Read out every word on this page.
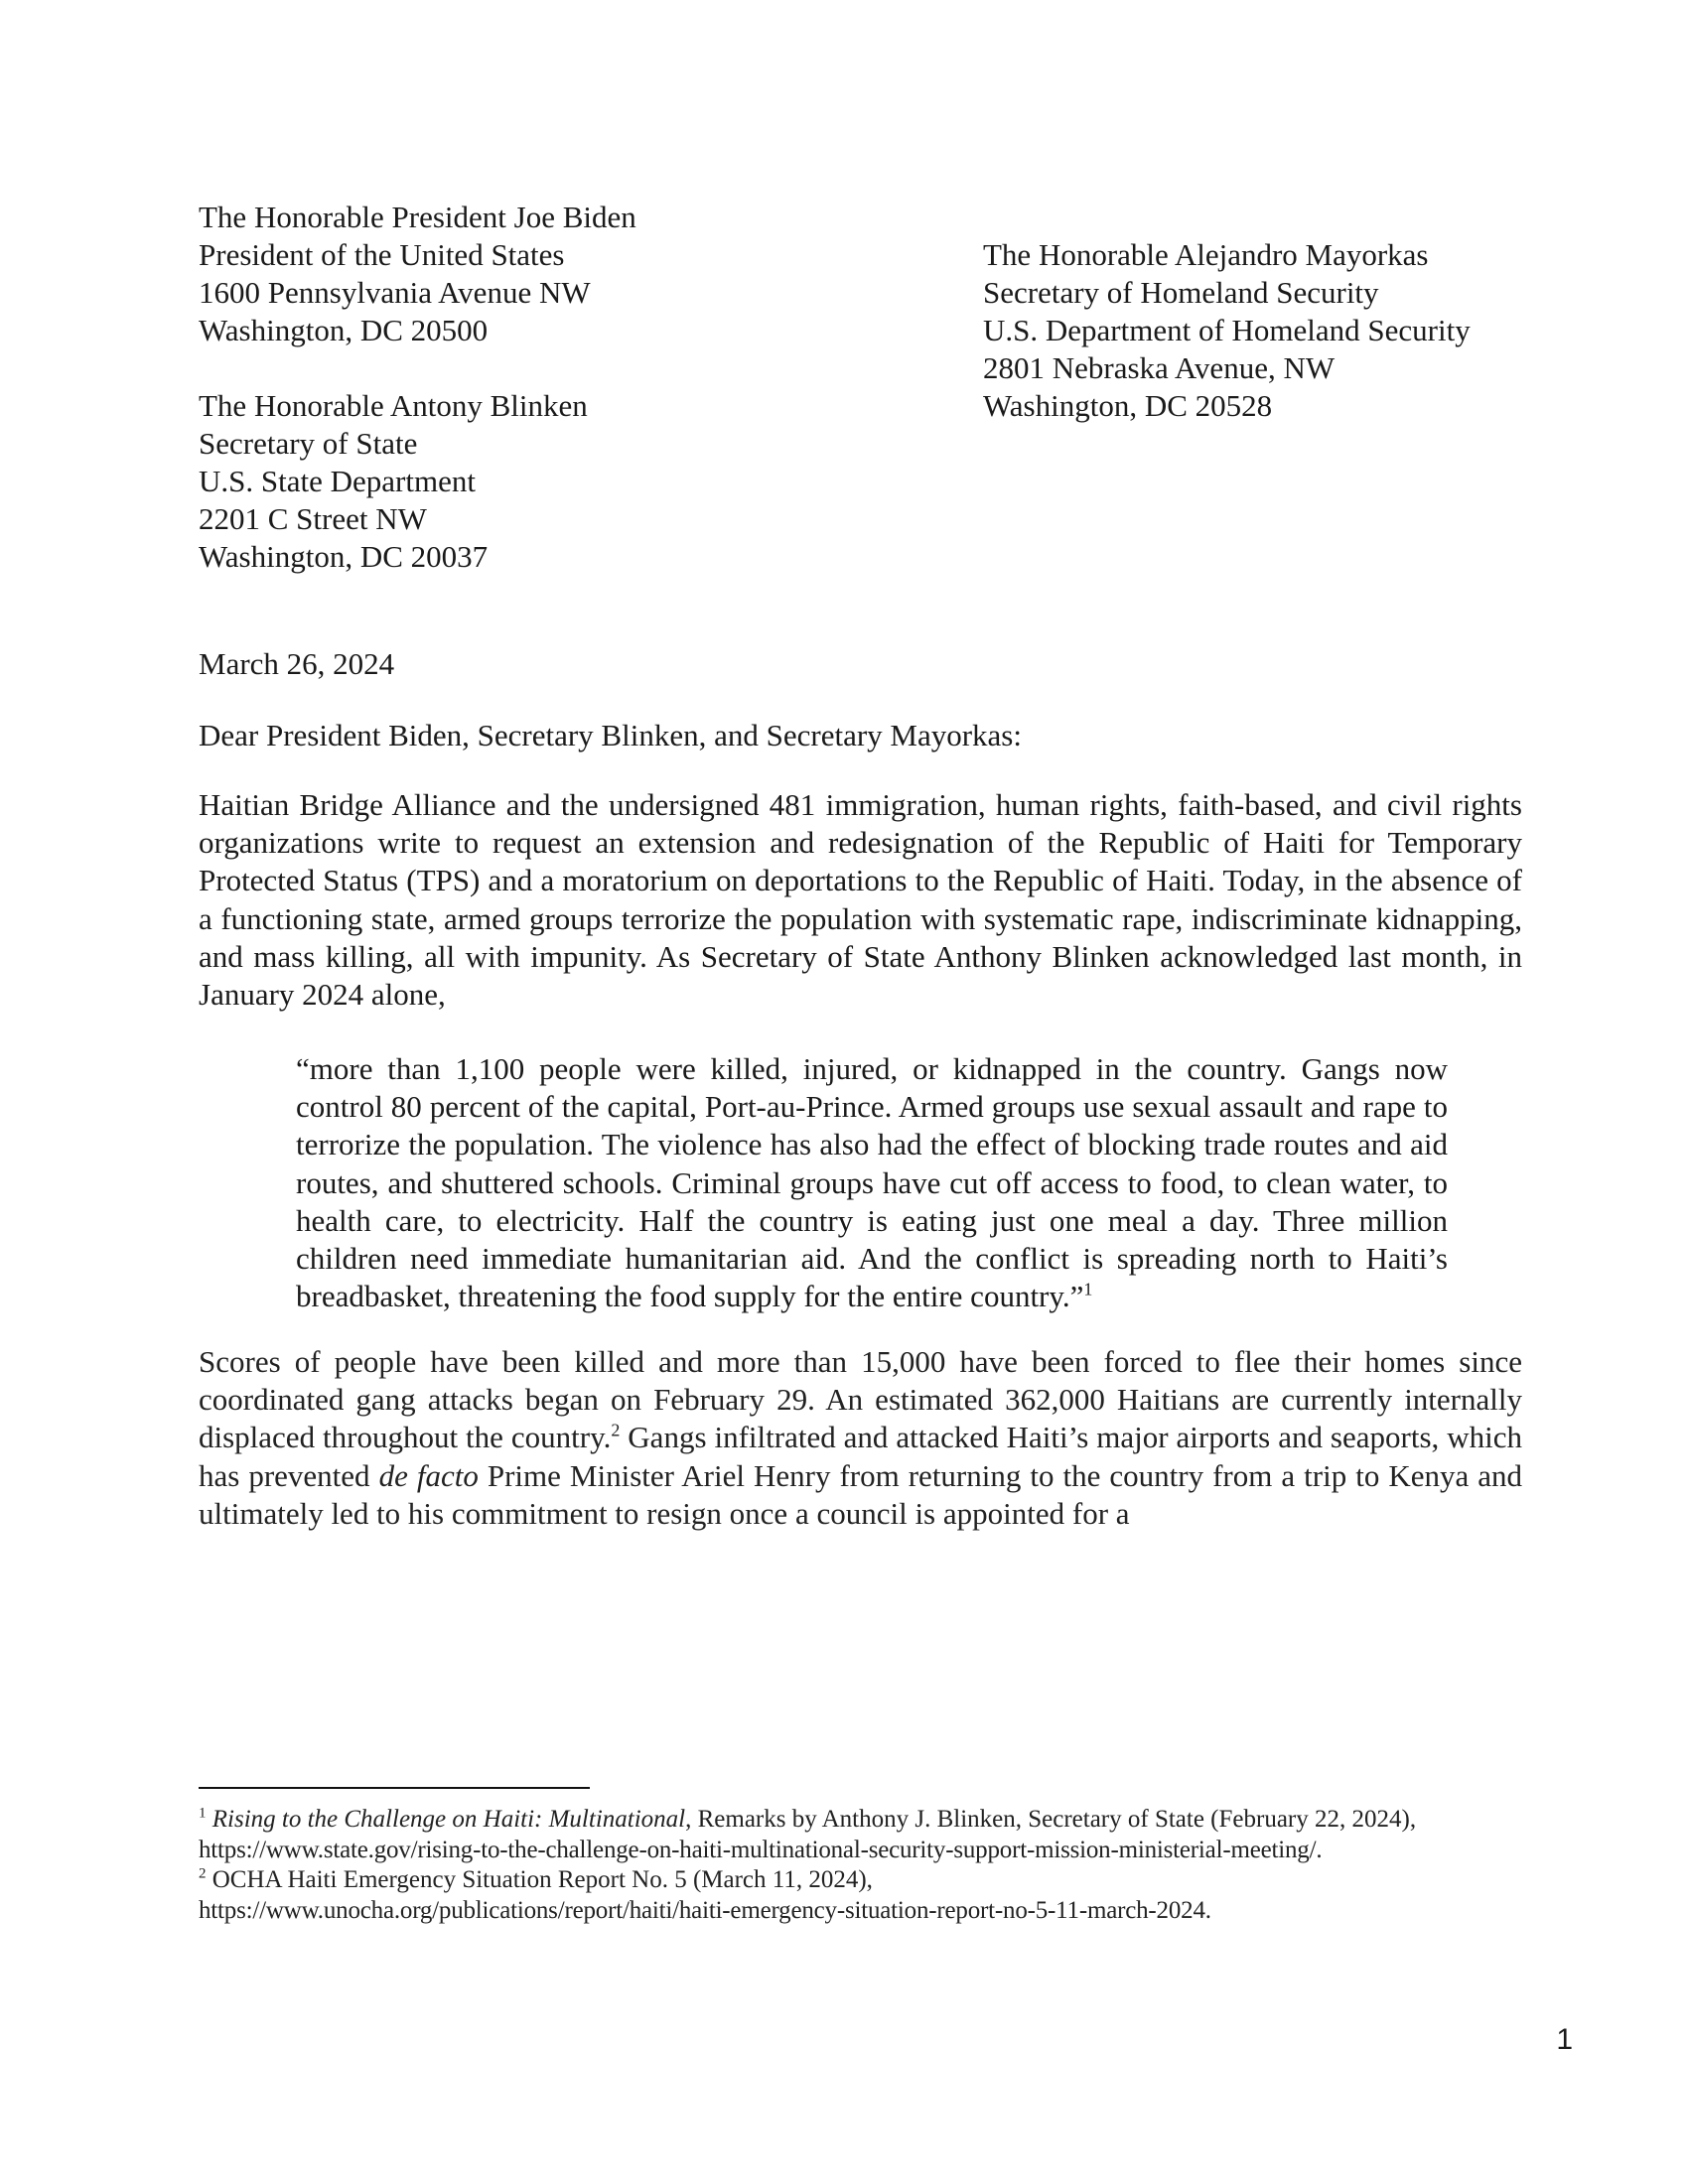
The Honorable President Joe Biden
President of the United States
1600 Pennsylvania Avenue NW
Washington, DC 20500
The Honorable Alejandro Mayorkas
Secretary of Homeland Security
U.S. Department of Homeland Security
2801 Nebraska Avenue, NW
Washington, DC 20528
The Honorable Antony Blinken
Secretary of State
U.S. State Department
2201 C Street NW
Washington, DC 20037
March 26, 2024
Dear President Biden, Secretary Blinken, and Secretary Mayorkas:

Haitian Bridge Alliance and the undersigned 481 immigration, human rights, faith-based, and civil rights organizations write to request an extension and redesignation of the Republic of Haiti for Temporary Protected Status (TPS) and a moratorium on deportations to the Republic of Haiti. Today, in the absence of a functioning state, armed groups terrorize the population with systematic rape, indiscriminate kidnapping, and mass killing, all with impunity. As Secretary of State Anthony Blinken acknowledged last month, in January 2024 alone,

“more than 1,100 people were killed, injured, or kidnapped in the country. Gangs now control 80 percent of the capital, Port-au-Prince. Armed groups use sexual assault and rape to terrorize the population. The violence has also had the effect of blocking trade routes and aid routes, and shuttered schools. Criminal groups have cut off access to food, to clean water, to health care, to electricity. Half the country is eating just one meal a day. Three million children need immediate humanitarian aid. And the conflict is spreading north to Haiti’s breadbasket, threatening the food supply for the entire country.”$^1$

Scores of people have been killed and more than 15,000 have been forced to flee their homes since coordinated gang attacks began on February 29. An estimated 362,000 Haitians are currently internally displaced throughout the country.$^2$ Gangs infiltrated and attacked Haiti’s major airports and seaports, which has prevented de facto Prime Minister Ariel Henry from returning to the country from a trip to Kenya and ultimately led to his commitment to resign once a council is appointed for a

$^1$ Rising to the Challenge on Haiti: Multinational, Remarks by Anthony J. Blinken, Secretary of State (February 22, 2024),
https://www.state.gov/rising-to-the-challenge-on-haiti-multinational-security-support-mission-ministerial-meeting/.
$^2$ OCHA Haiti Emergency Situation Report No. 5 (March 11, 2024),
https://www.unocha.org/publications/report/haiti/haiti-emergency-situation-report-no-5-11-march-2024.
1
